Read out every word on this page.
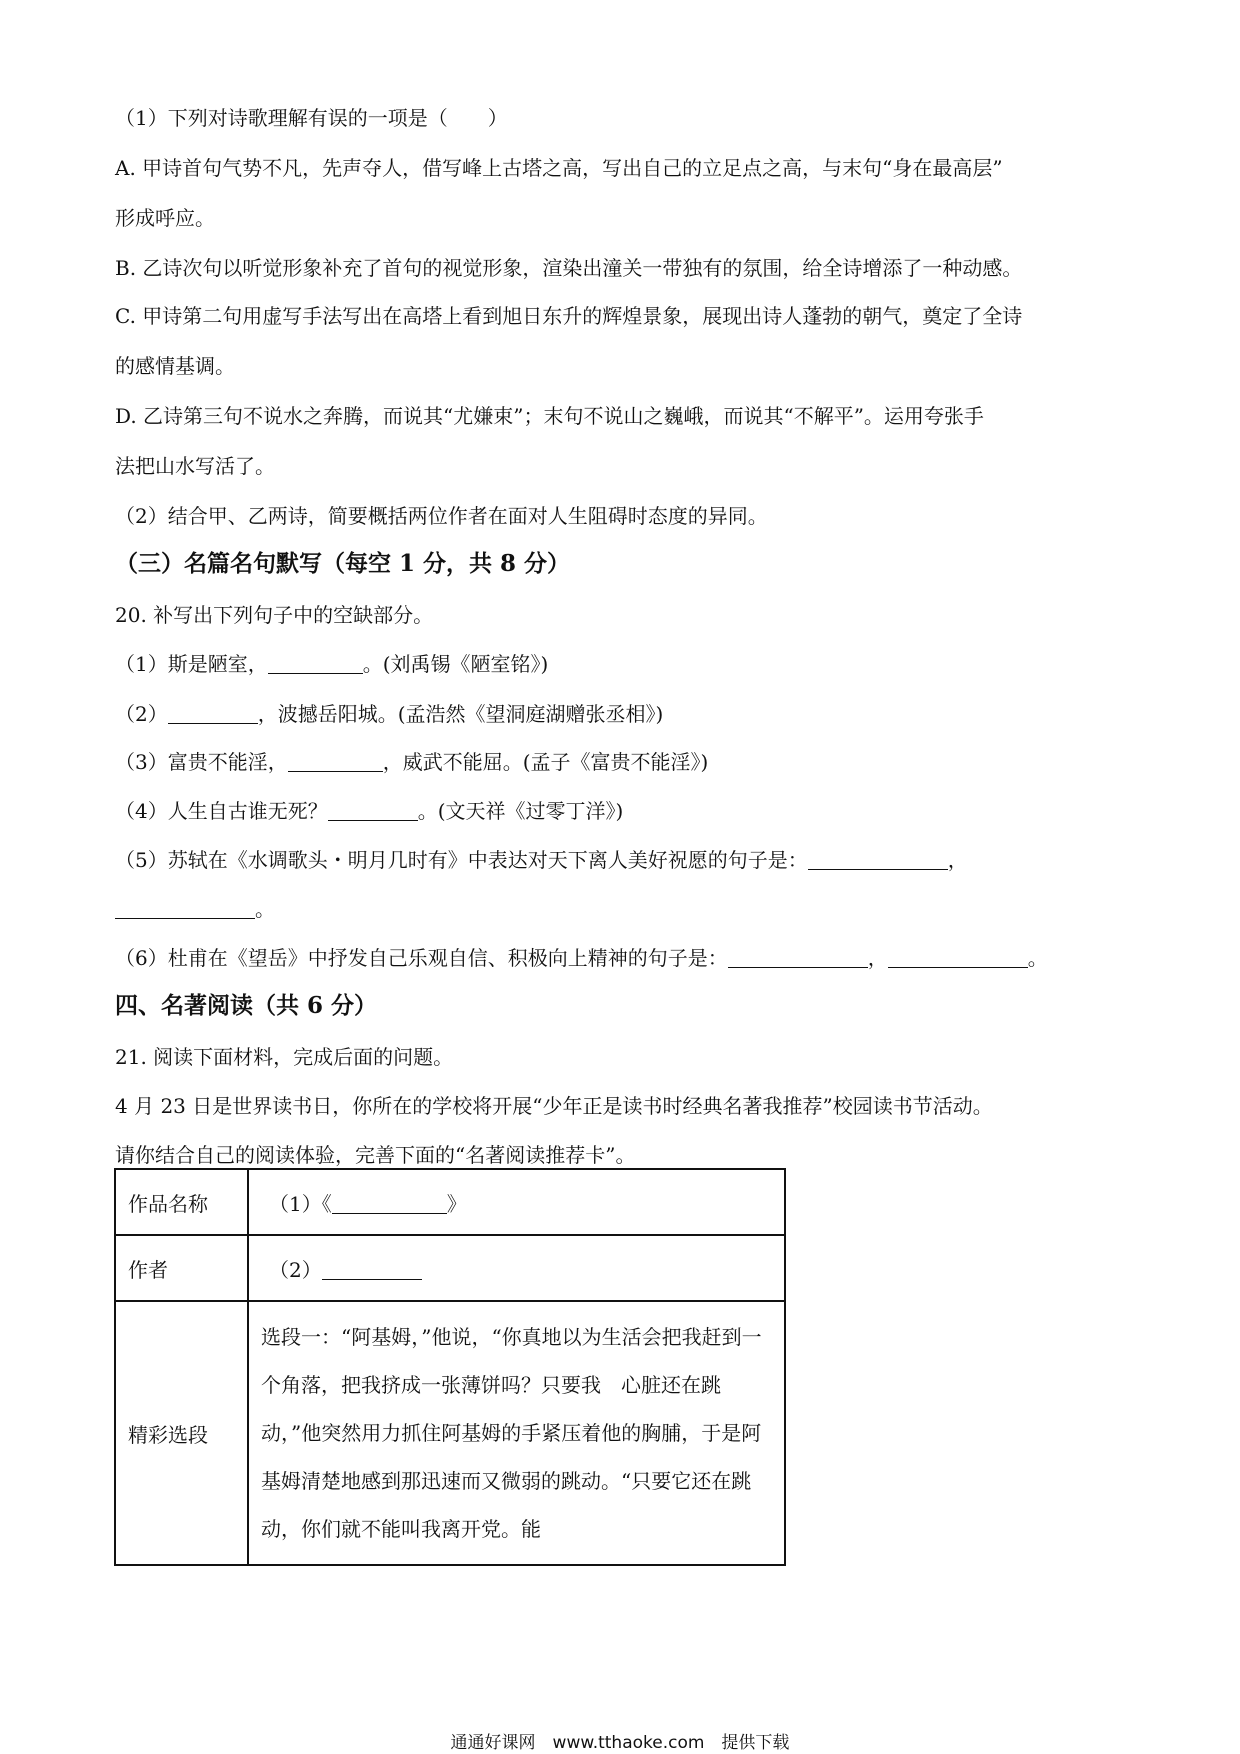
（1）下列对诗歌理解有误的一项是（　　）
A. 甲诗首句气势不凡，先声夺人，借写峰上古塔之高，写出自己的立足点之高，与末句“身在最高层”
形成呼应。
B. 乙诗次句以听觉形象补充了首句的视觉形象，渲染出潼关一带独有的氛围，给全诗增添了一种动感。
C. 甲诗第二句用虚写手法写出在高塔上看到旭日东升的辉煌景象，展现出诗人蓬勃的朝气，奠定了全诗
的感情基调。
D. 乙诗第三句不说水之奔腾，而说其“尤嫌束”；末句不说山之巍峨，而说其“不解平”。运用夸张手
法把山水写活了。
（2）结合甲、乙两诗，简要概括两位作者在面对人生阻碍时态度的异同。
（三）名篇名句默写（每空 1 分，共 8 分）
20. 补写出下列句子中的空缺部分。
（1）斯是陋室，	。(刘禹锡《陋室铭》)
（2）	，波撼岳阳城。(孟浩然《望洞庭湖赠张丞相》)
（3）富贵不能淫，	，威武不能屈。(孟子《富贵不能淫》)
（4）人生自古谁无死？	。(文天祥《过零丁洋》)
（5）苏轼在《水调歌头・明月几时有》中表达对天下离人美好祝愿的句子是：	，
。
（6）杜甫在《望岳》中抒发自己乐观自信、积极向上精神的句子是：	，	。
四、名著阅读（共 6 分）
21. 阅读下面材料，完成后面的问题。
4 月 23 日是世界读书日，你所在的学校将开展“少年正是读书时经典名著我推荐”校园读书节活动。
请你结合自己的阅读体验，完善下面的“名著阅读推荐卡”。
作品名称	（1）《 》
作者	（2）
精彩选段	选段一：“阿基姆，”他说，“你真地以为生活会把我赶到一个角落，把我挤成一张薄饼吗？只要我　心脏还在跳动，”他突然用力抓住阿基姆的手紧压着他的胸脯，于是阿基姆清楚地感到那迅速而又微弱的跳动。“只要它还在跳动，你们就不能叫我离开党。能
通通好课网　www.tthaoke.com　提供下载
